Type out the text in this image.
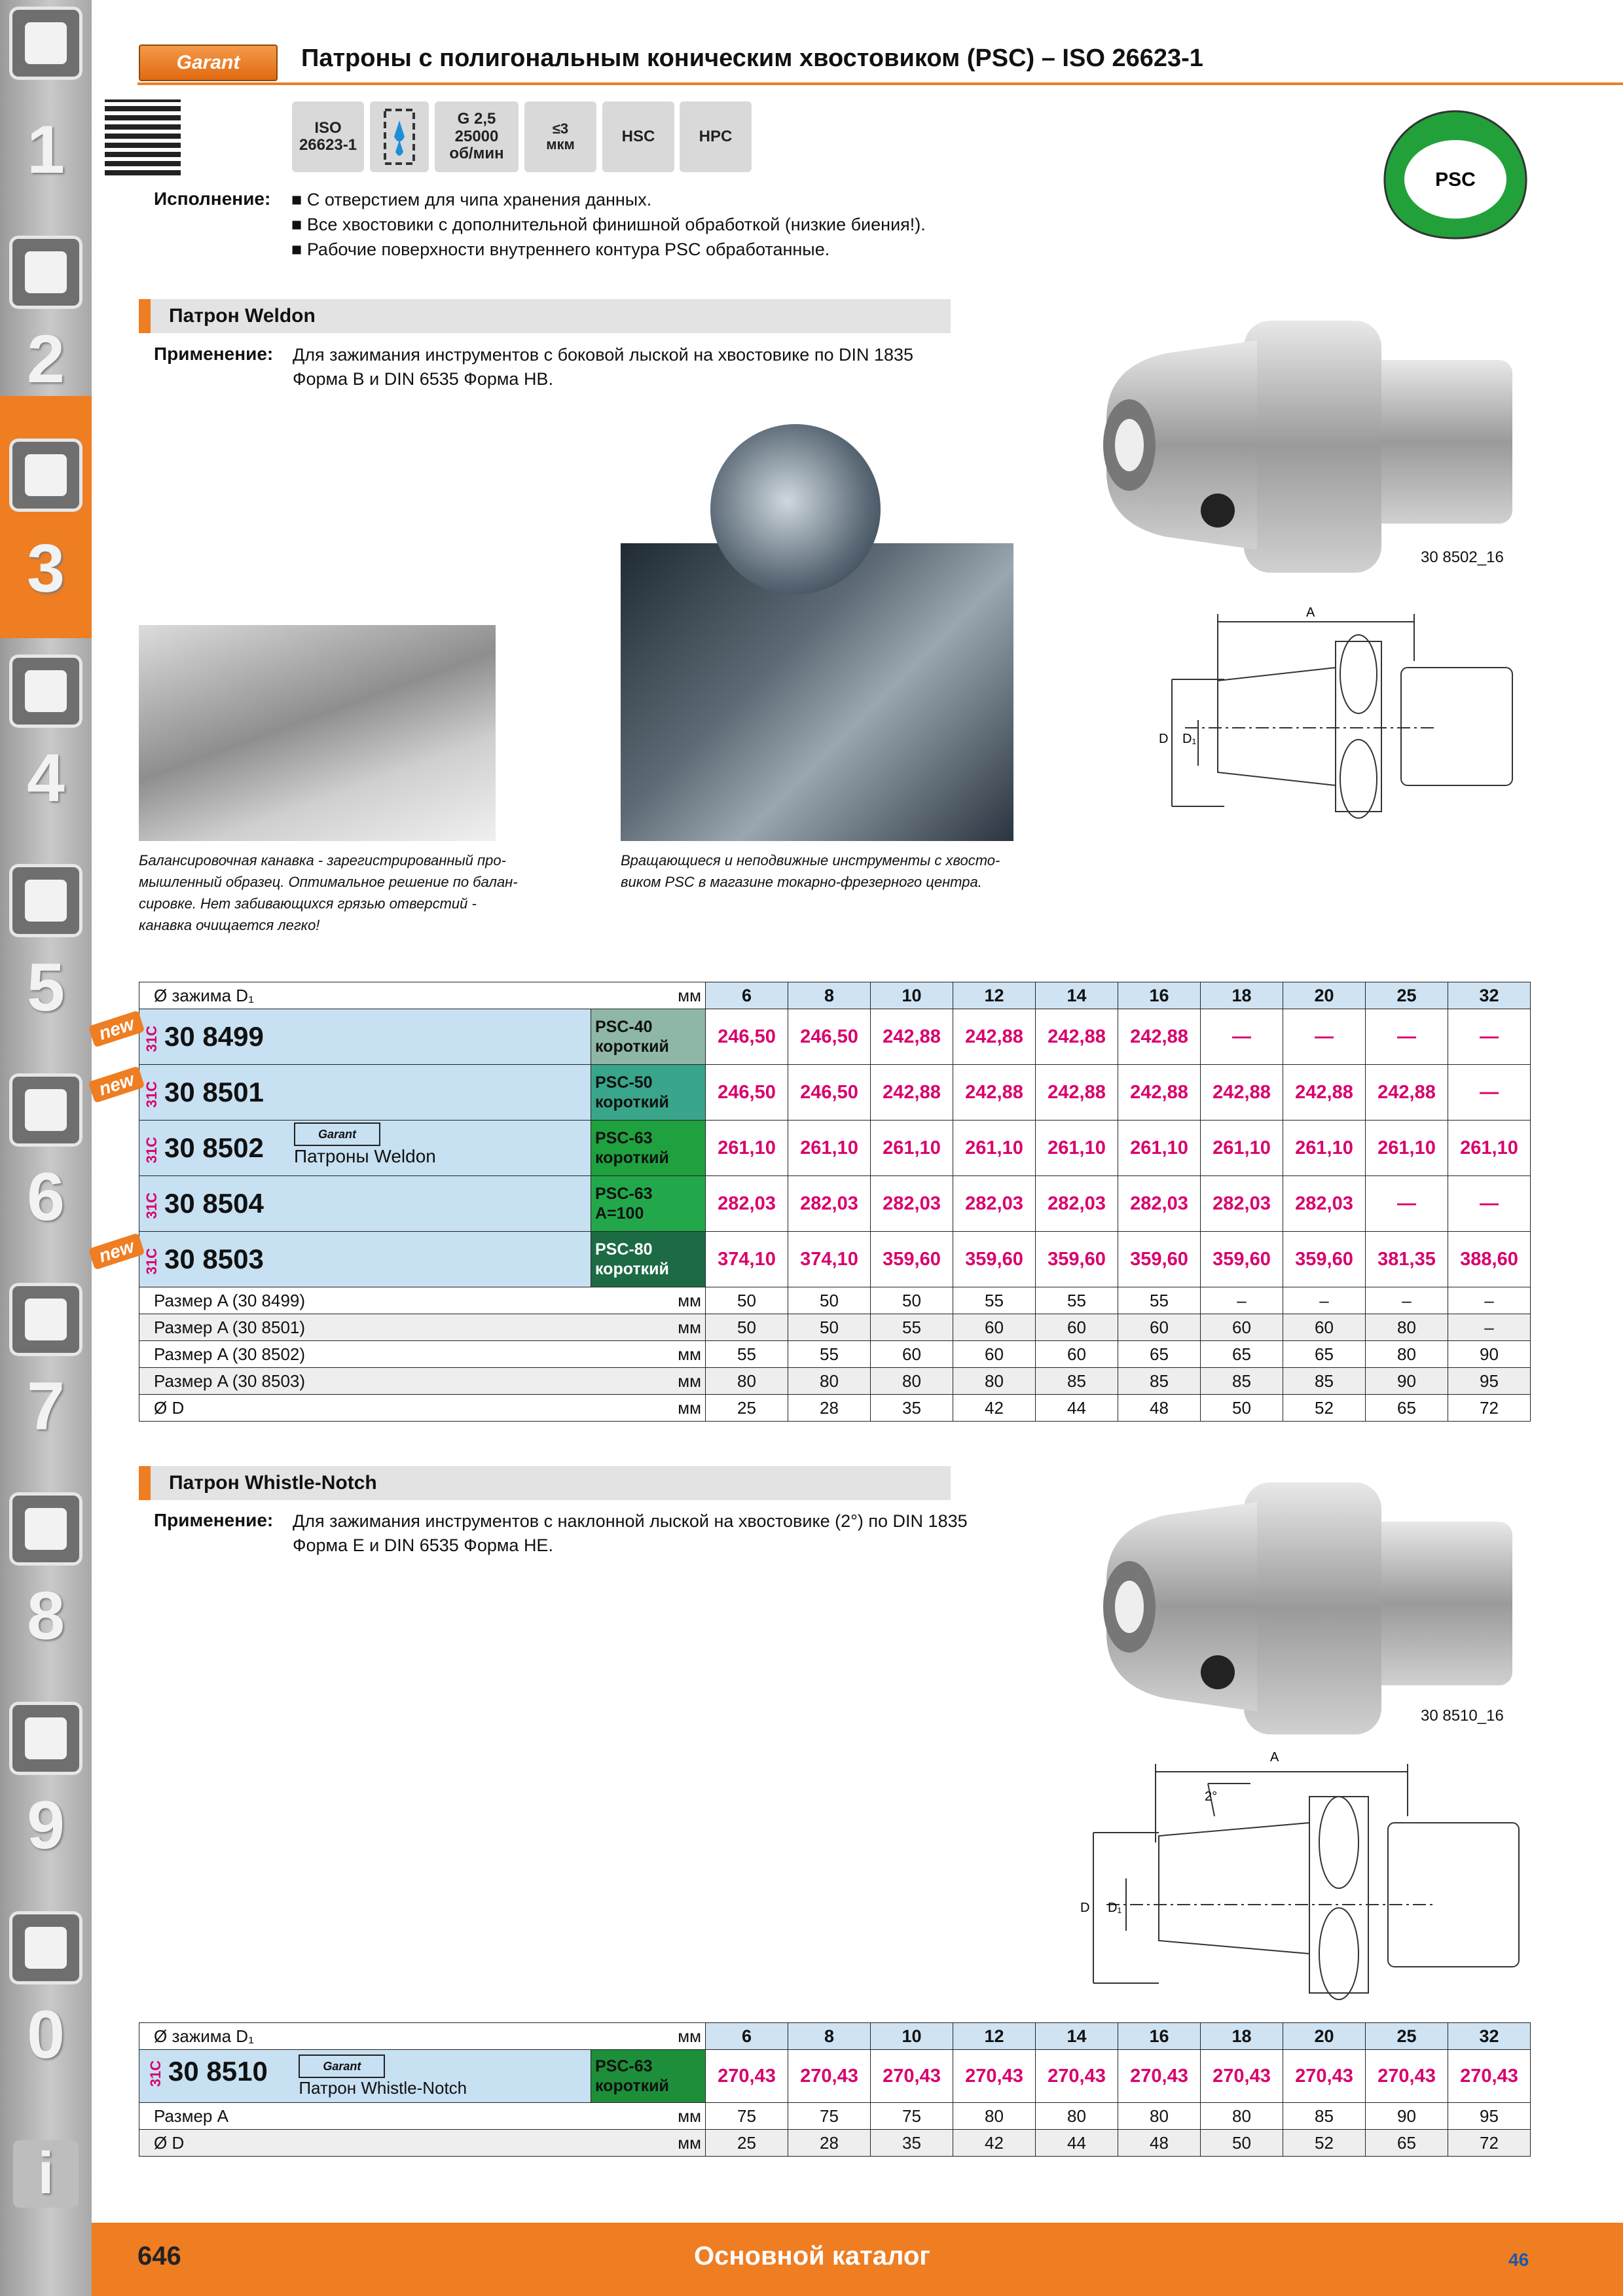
1
2
3
4
5
6
7
8
9
0
i
Garant	Патроны с полигональным коническим хвостовиком (PSC) – ISO 26623-1
ISO
26623-1
G 2,5
25000
об/мин
≤3
мкм	HSC	HPC
PSC
Исполнение: ■ С отверстием для чипа хранения данных.
■ Все хвостовики с дополнительной финишной обработкой (низкие биения!).
■ Рабочие поверхности внутреннего контура PSC обработанные.
Патрон Weldon
Применение: Для зажимания инструментов с боковой лыской на хвостовике по DIN 1835
Форма B и DIN 6535 Форма HB.
30 8502_16
A
D D₁
Балансировочная канавка - зарегистрированный про-
мышленный образец. Оптимальное решение по балан-
сировке. Нет забивающихся грязью отверстий -
канавка очищается легко!
Вращающиеся и неподвижные инструменты с хвосто-
виком PSC в магазине токарно-фрезерного центра.
Ø зажима D₁ мм		6	8	10	12	14	16	18	20	25	32
31C 30 8499	PSC-40
короткий	246,50	246,50	242,88	242,88	242,88	242,88	—	—	—	—
31C 30 8501	PSC-50
короткий	246,50	246,50	242,88	242,88	242,88	242,88	242,88	242,88	242,88	—
31C 30 8502 Garant
Патроны Weldon	PSC-63
короткий	261,10	261,10	261,10	261,10	261,10	261,10	261,10	261,10	261,10	261,10
31C 30 8504	PSC-63
A=100	282,03	282,03	282,03	282,03	282,03	282,03	282,03	282,03	—	—
31C 30 8503	PSC-80
короткий	374,10	374,10	359,60	359,60	359,60	359,60	359,60	359,60	381,35	388,60
Размер A (30 8499) мм		50	50	50	55	55	55	–	–	–	–
Размер A (30 8501) мм		50	50	55	60	60	60	60	60	80	–
Размер A (30 8502) мм		55	55	60	60	60	65	65	65	80	90
Размер A (30 8503) мм		80	80	80	80	85	85	85	85	90	95
Ø D мм		25	28	35	42	44	48	50	52	65	72
new
new
new
Патрон Whistle-Notch
Применение: Для зажимания инструментов с наклонной лыской на хвостовике (2°) по DIN 1835
Форма E и DIN 6535 Форма HE.
30 8510_16
A
2°
D D₁
Ø зажима D₁ мм		6	8	10	12	14	16	18	20	25	32
31C 30 8510 Garant
Патрон Whistle-Notch	PSC-63
короткий	270,43	270,43	270,43	270,43	270,43	270,43	270,43	270,43	270,43	270,43
Размер A мм		75	75	75	80	80	80	80	85	90	95
Ø D мм		25	28	35	42	44	48	50	52	65	72
646	Основной каталог	46
